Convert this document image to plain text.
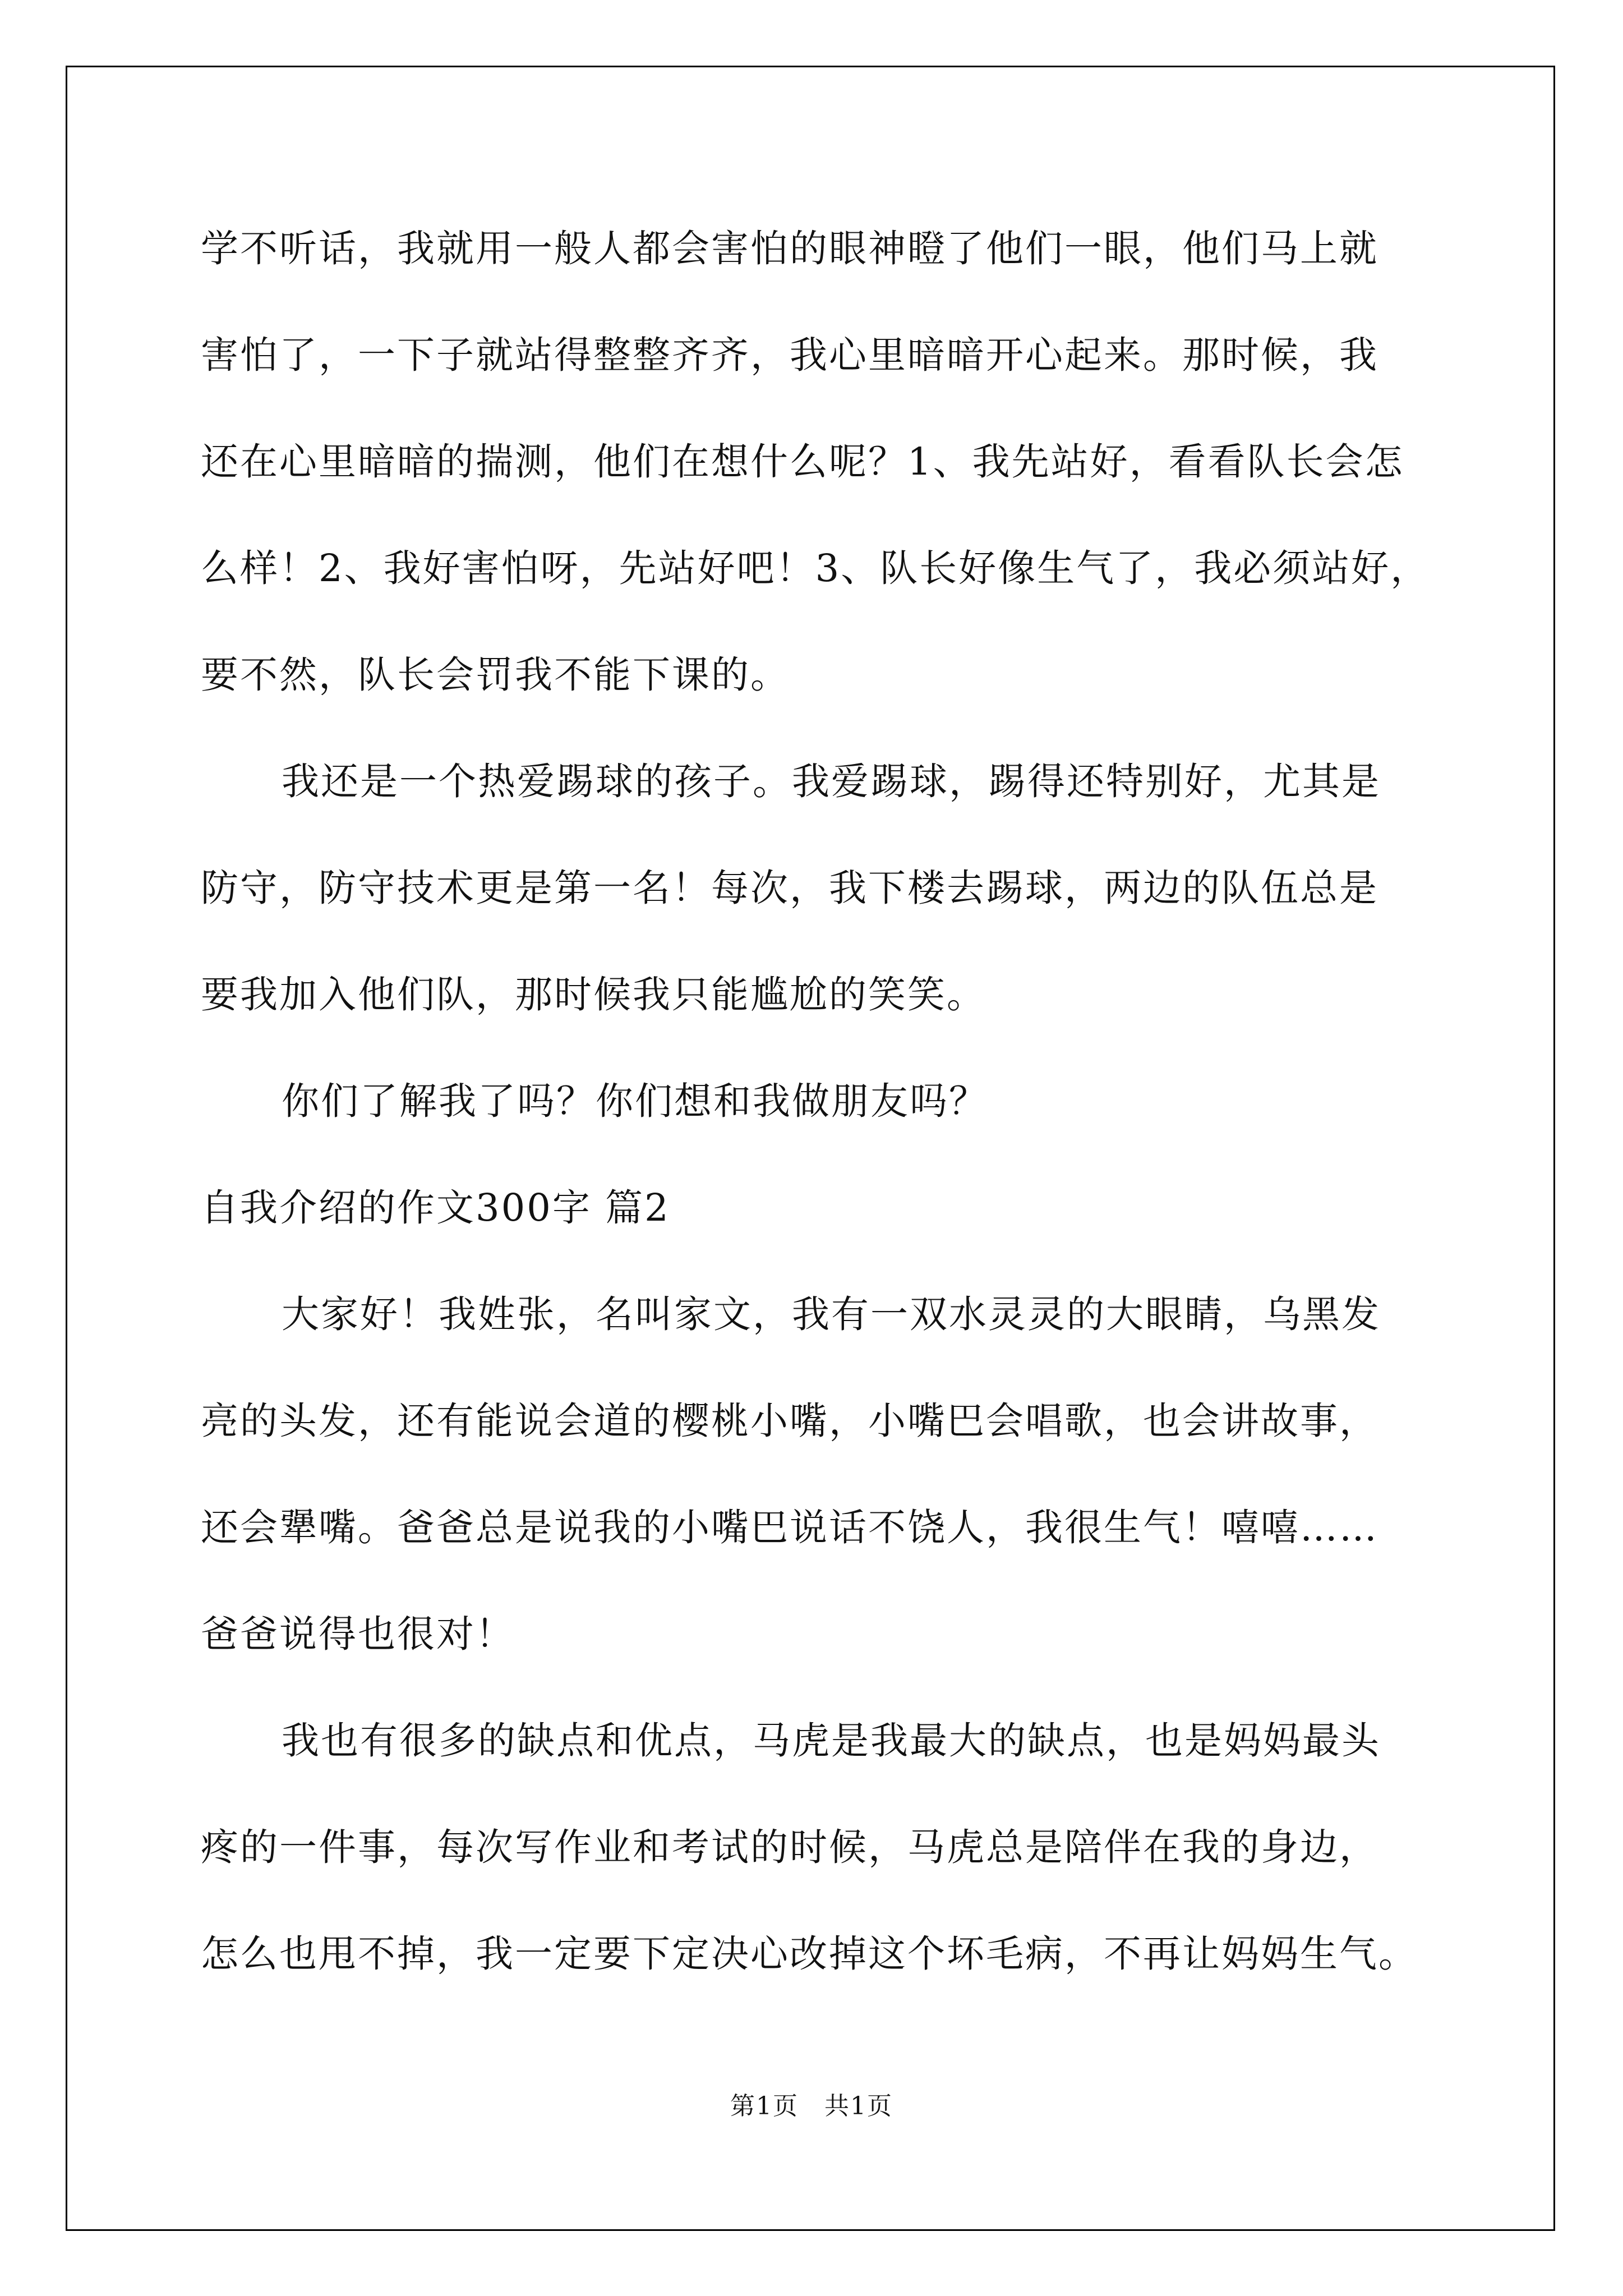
学不听话，我就用一般人都会害怕的眼神瞪了他们一眼，他们马上就
害怕了，一下子就站得整整齐齐，我心里暗暗开心起来。那时候，我
还在心里暗暗的揣测，他们在想什么呢？1、我先站好，看看队长会怎
么样！2、我好害怕呀，先站好吧！3、队长好像生气了，我必须站好，
要不然，队长会罚我不能下课的。
我还是一个热爱踢球的孩子。我爱踢球，踢得还特别好，尤其是
防守，防守技术更是第一名！每次，我下楼去踢球，两边的队伍总是
要我加入他们队，那时候我只能尴尬的笑笑。
你们了解我了吗？你们想和我做朋友吗？
自我介绍的作文300字 篇2
大家好！我姓张，名叫家文，我有一双水灵灵的大眼睛，乌黑发
亮的头发，还有能说会道的樱桃小嘴，小嘴巴会唱歌，也会讲故事，
还会犟嘴。爸爸总是说我的小嘴巴说话不饶人，我很生气！嘻嘻……
爸爸说得也很对！
我也有很多的缺点和优点，马虎是我最大的缺点，也是妈妈最头
疼的一件事，每次写作业和考试的时候，马虎总是陪伴在我的身边，
怎么也甩不掉，我一定要下定决心改掉这个坏毛病，不再让妈妈生气。
第1页 共1页
